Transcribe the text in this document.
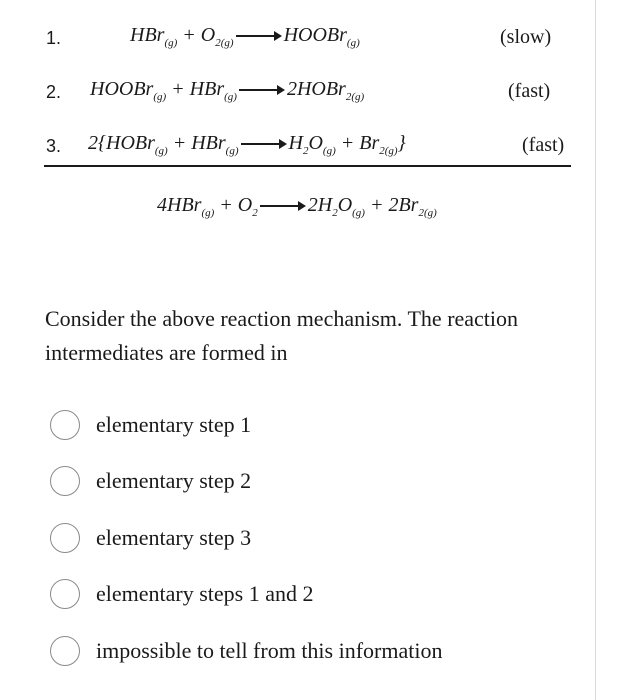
1.	$HBr_{(g)} + O_{2(g)}$	HOOBr$_{(g)}$	(slow)
2. HOOBr$_{(g)}$ + HBr$_{(g)}$	2HOBr$_{2(g)}$	(fast)
3. 2{HOBr$_{(g)}$ + HBr$_{(g)}$	$H_2O_{(g)} + Br_{2(g)}$}	(fast)
$4HBr_{(g)} + O_2$	$2H_2O_{(g)} + 2Br_{2(g)}$
Consider the above reaction mechanism. The reaction intermediates are formed in
elementary step 1
elementary step 2
elementary step 3
elementary steps 1 and 2
impossible to tell from this information
